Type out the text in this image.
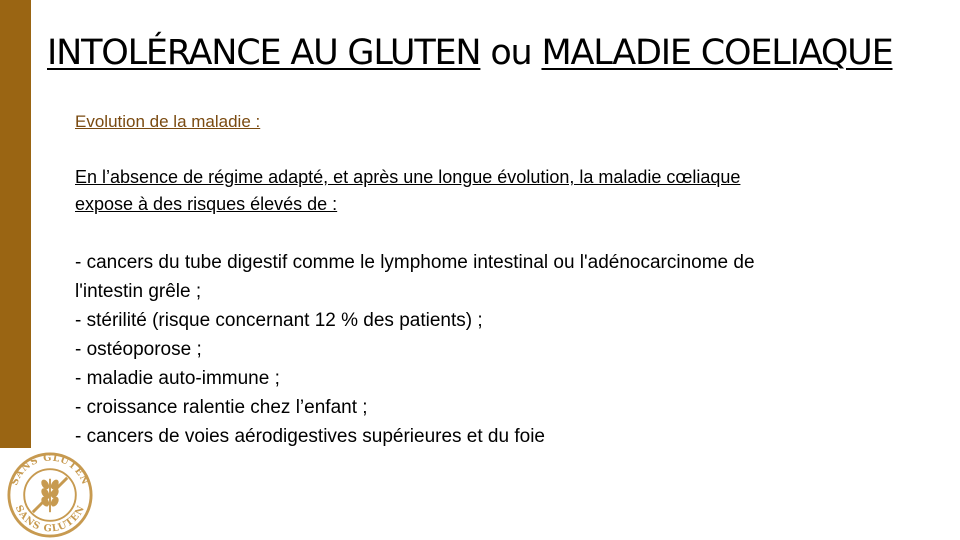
INTOLÉRANCE AU GLUTEN ou MALADIE COELIAQUE
Evolution de la maladie :
En l’absence de régime adapté, et après une longue évolution, la maladie cœliaque
expose à des risques élevés de :
- cancers du tube digestif comme le lymphome intestinal ou l'adénocarcinome de
l'intestin grêle ;
- stérilité (risque concernant 12 % des patients) ;
- ostéoporose ;
- maladie auto-immune ;
- croissance ralentie chez l’enfant ;
- cancers de voies aérodigestives supérieures et du foie
SANS GLUTEN
SANS GLUTEN
